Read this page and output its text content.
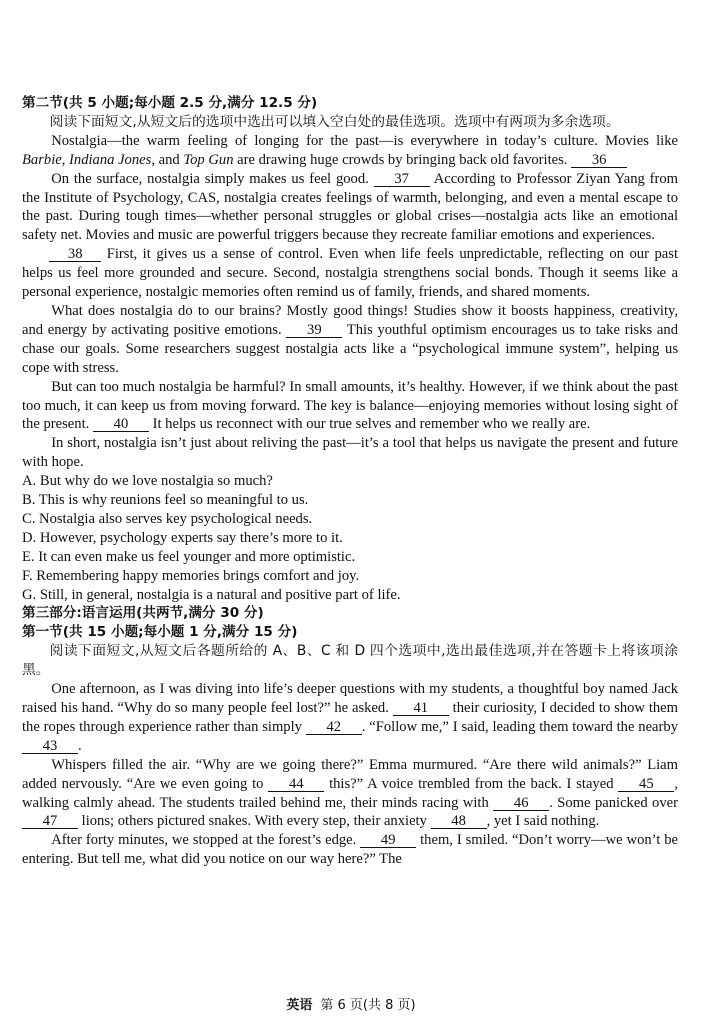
第二节(共 5 小题;每小题 2.5 分,满分 12.5 分)

阅读下面短文,从短文后的选项中选出可以填入空白处的最佳选项。选项中有两项为多余选项。

Nostalgia—the warm feeling of longing for the past—is everywhere in today’s culture. Movies like Barbie, Indiana Jones, and Top Gun are drawing huge crowds by bringing back old favorites. 36

On the surface, nostalgia simply makes us feel good. 37 According to Professor Ziyan Yang from the Institute of Psychology, CAS, nostalgia creates feelings of warmth, belonging, and even a mental escape to the past. During tough times—whether personal struggles or global crises—nostalgia acts like an emotional safety net. Movies and music are powerful triggers because they recreate familiar emotions and experiences.

38 First, it gives us a sense of control. Even when life feels unpredictable, reflecting on our past helps us feel more grounded and secure. Second, nostalgia strengthens social bonds. Though it seems like a personal experience, nostalgic memories often remind us of family, friends, and shared moments.

What does nostalgia do to our brains? Mostly good things! Studies show it boosts happiness, creativity, and energy by activating positive emotions. 39 This youthful optimism encourages us to take risks and chase our goals. Some researchers suggest nostalgia acts like a “psychological immune system”, helping us cope with stress.

But can too much nostalgia be harmful? In small amounts, it’s healthy. However, if we think about the past too much, it can keep us from moving forward. The key is balance—enjoying memories without losing sight of the present. 40 It helps us reconnect with our true selves and remember who we really are.

In short, nostalgia isn’t just about reliving the past—it’s a tool that helps us navigate the present and future with hope.

A. But why do we love nostalgia so much?

B. This is why reunions feel so meaningful to us.

C. Nostalgia also serves key psychological needs.

D. However, psychology experts say there’s more to it.

E. It can even make us feel younger and more optimistic.

F. Remembering happy memories brings comfort and joy.

G. Still, in general, nostalgia is a natural and positive part of life.

第三部分:语言运用(共两节,满分 30 分)

第一节(共 15 小题;每小题 1 分,满分 15 分)

阅读下面短文,从短文后各题所给的 A、B、C 和 D 四个选项中,选出最佳选项,并在答题卡上将该项涂黑。

One afternoon, as I was diving into life’s deeper questions with my students, a thoughtful boy named Jack raised his hand. “Why do so many people feel lost?” he asked. 41 their curiosity, I decided to show them the ropes through experience rather than simply 42 . “Follow me,” I said, leading them toward the nearby 43 .

Whispers filled the air. “Why are we going there?” Emma murmured. “Are there wild animals?” Liam added nervously. “Are we even going to 44 this?” A voice trembled from the back. I stayed 45 , walking calmly ahead. The students trailed behind me, their minds racing with 46 . Some panicked over 47 lions; others pictured snakes. With every step, their anxiety 48 , yet I said nothing.

After forty minutes, we stopped at the forest’s edge. 49 them, I smiled. “Don’t worry—we won’t be entering. But tell me, what did you notice on our way here?” The

英语 第 6 页(共 8 页)
